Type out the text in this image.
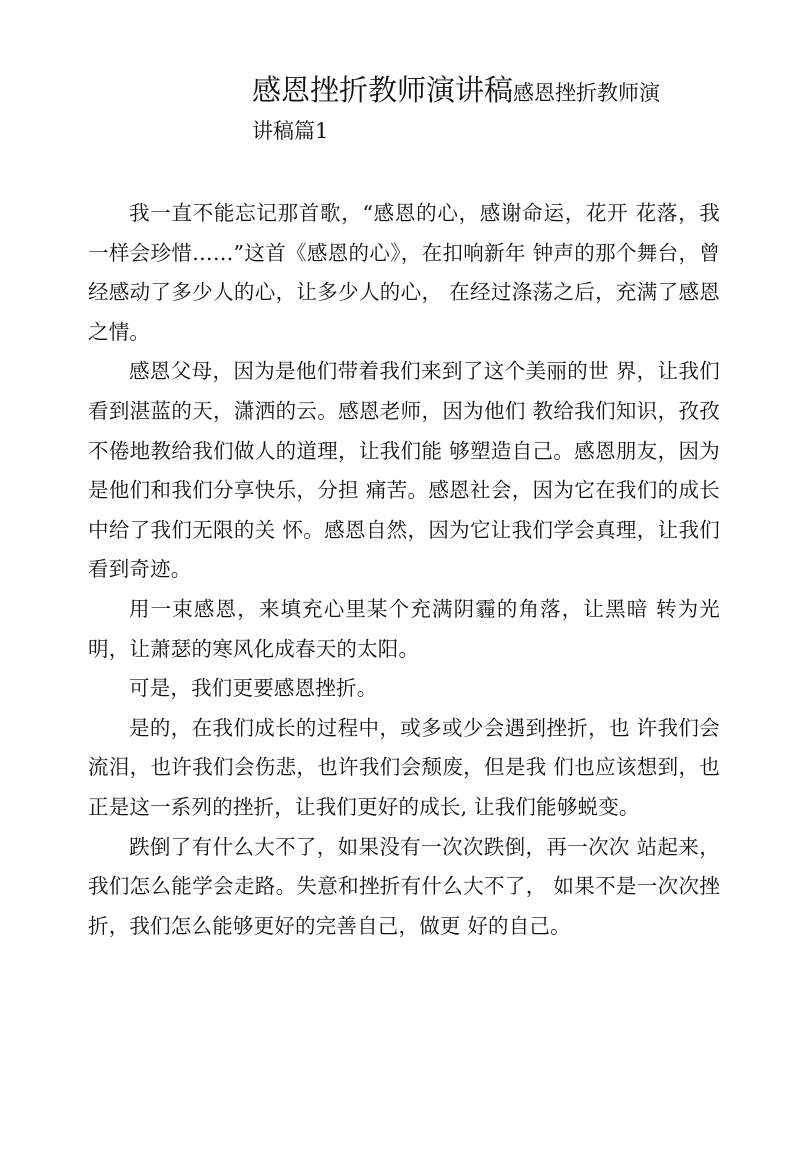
感恩挫折教师演讲稿感恩挫折教师演
讲稿篇1

我一直不能忘记那首歌，“感恩的心，感谢命运，花开 花落，我一样会珍惜……”这首《感恩的心》，在扣响新年 钟声的那个舞台，曾经感动了多少人的心，让多少人的心， 在经过涤荡之后，充满了感恩之情。

感恩父母，因为是他们带着我们来到了这个美丽的世 界，让我们看到湛蓝的天，潇洒的云。感恩老师，因为他们 教给我们知识，孜孜不倦地教给我们做人的道理，让我们能 够塑造自己。感恩朋友，因为是他们和我们分享快乐，分担 痛苦。感恩社会，因为它在我们的成长中给了我们无限的关 怀。感恩自然，因为它让我们学会真理，让我们看到奇迹。

用一束感恩，来填充心里某个充满阴霾的角落，让黑暗 转为光明，让萧瑟的寒风化成春天的太阳。

可是，我们更要感恩挫折。

是的，在我们成长的过程中，或多或少会遇到挫折，也 许我们会流泪，也许我们会伤悲，也许我们会颓废，但是我 们也应该想到，也正是这一系列的挫折，让我们更好的成长, 让我们能够蜕变。

跌倒了有什么大不了，如果没有一次次跌倒，再一次次 站起来，我们怎么能学会走路。失意和挫折有什么大不了， 如果不是一次次挫折，我们怎么能够更好的完善自己，做更 好的自己。
